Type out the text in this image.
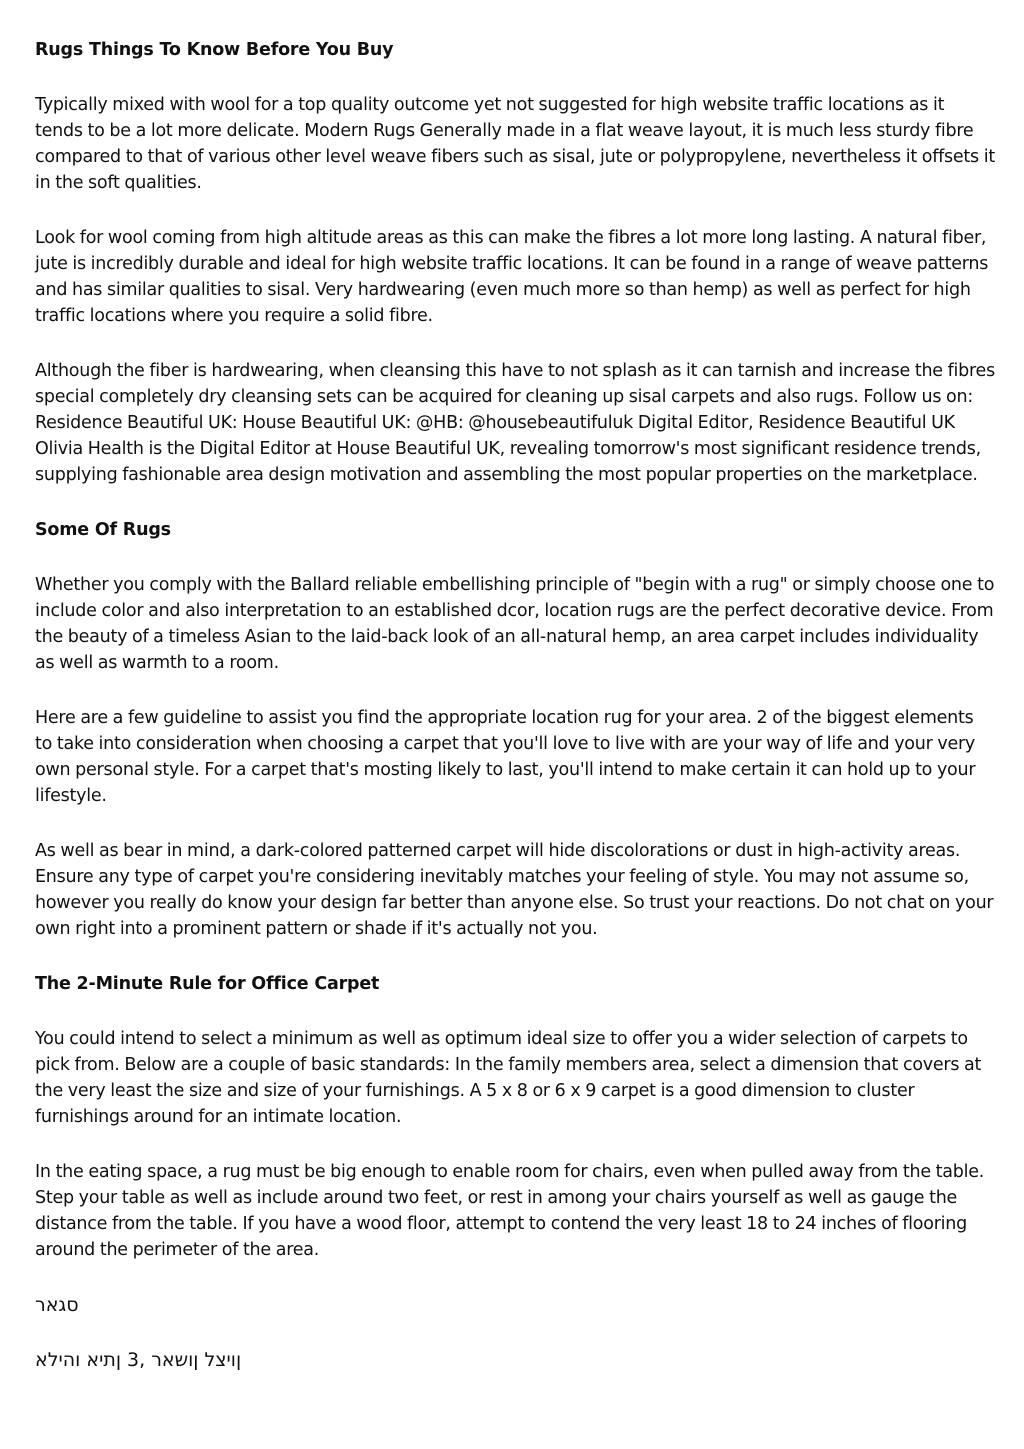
Rugs Things To Know Before You Buy
Typically mixed with wool for a top quality outcome yet not suggested for high website traffic locations as it tends to be a lot more delicate. Modern Rugs Generally made in a flat weave layout, it is much less sturdy fibre compared to that of various other level weave fibers such as sisal, jute or polypropylene, nevertheless it offsets it in the soft qualities.
Look for wool coming from high altitude areas as this can make the fibres a lot more long lasting. A natural fiber, jute is incredibly durable and ideal for high website traffic locations. It can be found in a range of weave patterns and has similar qualities to sisal. Very hardwearing (even much more so than hemp) as well as perfect for high traffic locations where you require a solid fibre.
Although the fiber is hardwearing, when cleansing this have to not splash as it can tarnish and increase the fibres special completely dry cleansing sets can be acquired for cleaning up sisal carpets and also rugs. Follow us on: Residence Beautiful UK: House Beautiful UK: @HB: @housebeautifuluk Digital Editor, Residence Beautiful UK Olivia Health is the Digital Editor at House Beautiful UK, revealing tomorrow's most significant residence trends, supplying fashionable area design motivation and assembling the most popular properties on the marketplace.
Some Of Rugs
Whether you comply with the Ballard reliable embellishing principle of "begin with a rug" or simply choose one to include color and also interpretation to an established dcor, location rugs are the perfect decorative device. From the beauty of a timeless Asian to the laid-back look of an all-natural hemp, an area carpet includes individuality as well as warmth to a room.
Here are a few guideline to assist you find the appropriate location rug for your area. 2 of the biggest elements to take into consideration when choosing a carpet that you'll love to live with are your way of life and your very own personal style. For a carpet that's mosting likely to last, you'll intend to make certain it can hold up to your lifestyle.
As well as bear in mind, a dark-colored patterned carpet will hide discolorations or dust in high-activity areas. Ensure any type of carpet you're considering inevitably matches your feeling of style. You may not assume so, however you really do know your design far better than anyone else. So trust your reactions. Do not chat on your own right into a prominent pattern or shade if it's actually not you.
The 2-Minute Rule for Office Carpet
You could intend to select a minimum as well as optimum ideal size to offer you a wider selection of carpets to pick from. Below are a couple of basic standards: In the family members area, select a dimension that covers at the very least the size and size of your furnishings. A 5 x 8 or 6 x 9 carpet is a good dimension to cluster furnishings around for an intimate location.
In the eating space, a rug must be big enough to enable room for chairs, even when pulled away from the table. Step your table as well as include around two feet, or rest in among your chairs yourself as well as gauge the distance from the table. If you have a wood floor, attempt to contend the very least 18 to 24 inches of flooring around the perimeter of the area.
סגאר
ןויצל ןושאר ,3 ןתיא והילא
